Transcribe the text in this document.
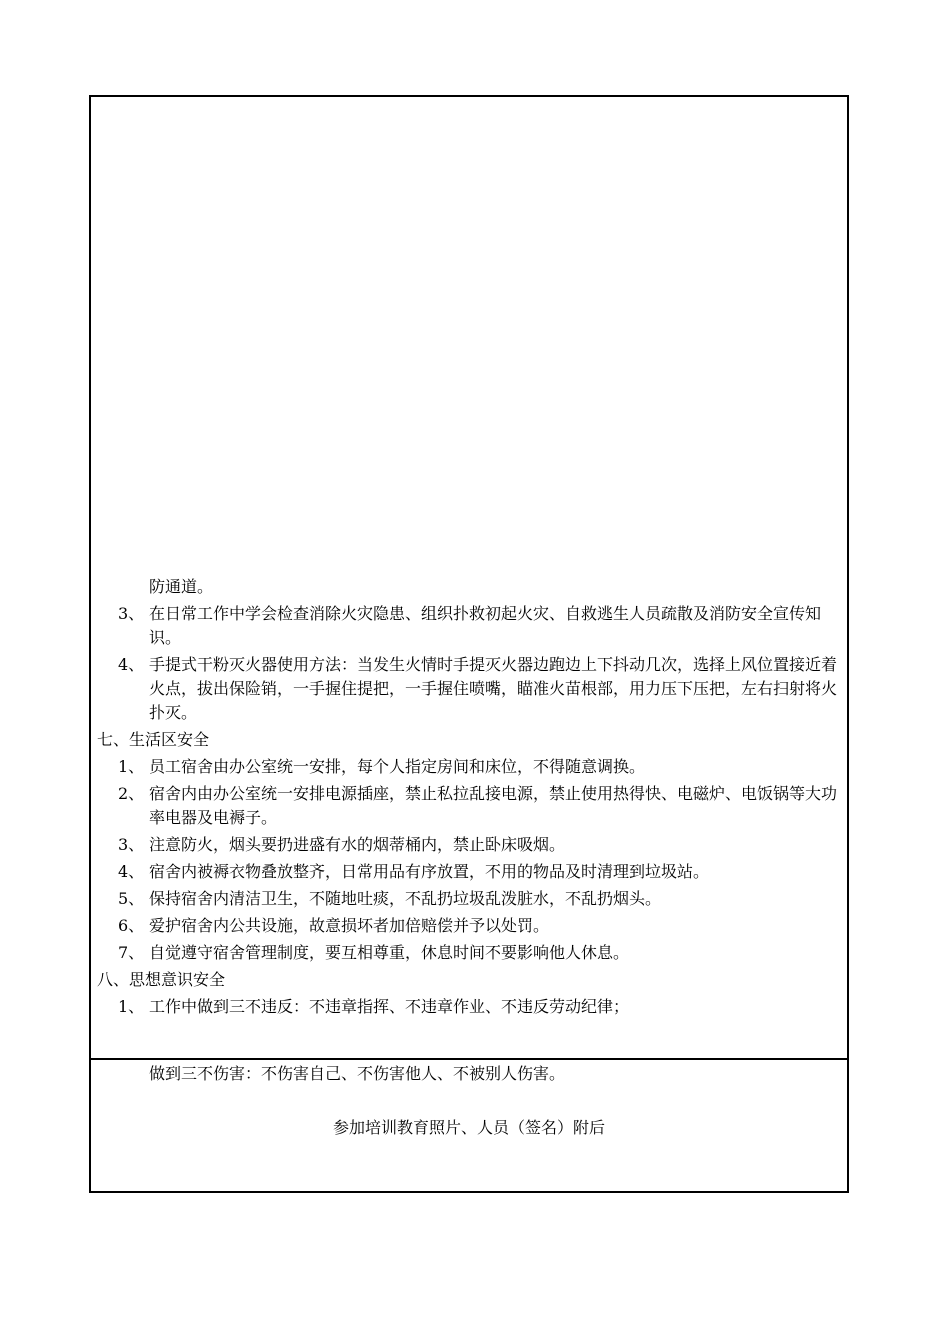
防通道。
3、 在日常工作中学会检查消除火灾隐患、组织扑救初起火灾、自救逃生人员疏散及消防安全宣传知识。
4、 手提式干粉灭火器使用方法：当发生火情时手提灭火器边跑边上下抖动几次，选择上风位置接近着火点，拔出保险销，一手握住提把，一手握住喷嘴，瞄准火苗根部，用力压下压把，左右扫射将火扑灭。
七、生活区安全
1、 员工宿舍由办公室统一安排，每个人指定房间和床位，不得随意调换。
2、 宿舍内由办公室统一安排电源插座，禁止私拉乱接电源，禁止使用热得快、电磁炉、电饭锅等大功率电器及电褥子。
3、 注意防火，烟头要扔进盛有水的烟蒂桶内，禁止卧床吸烟。
4、 宿舍内被褥衣物叠放整齐，日常用品有序放置，不用的物品及时清理到垃圾站。
5、 保持宿舍内清洁卫生，不随地吐痰，不乱扔垃圾乱泼脏水，不乱扔烟头。
6、 爱护宿舍内公共设施，故意损坏者加倍赔偿并予以处罚。
7、 自觉遵守宿舍管理制度，要互相尊重，休息时间不要影响他人休息。
八、思想意识安全
1、 工作中做到三不违反：不违章指挥、不违章作业、不违反劳动纪律；
做到三不伤害：不伤害自己、不伤害他人、不被别人伤害。
参加培训教育照片、人员（签名）附后
